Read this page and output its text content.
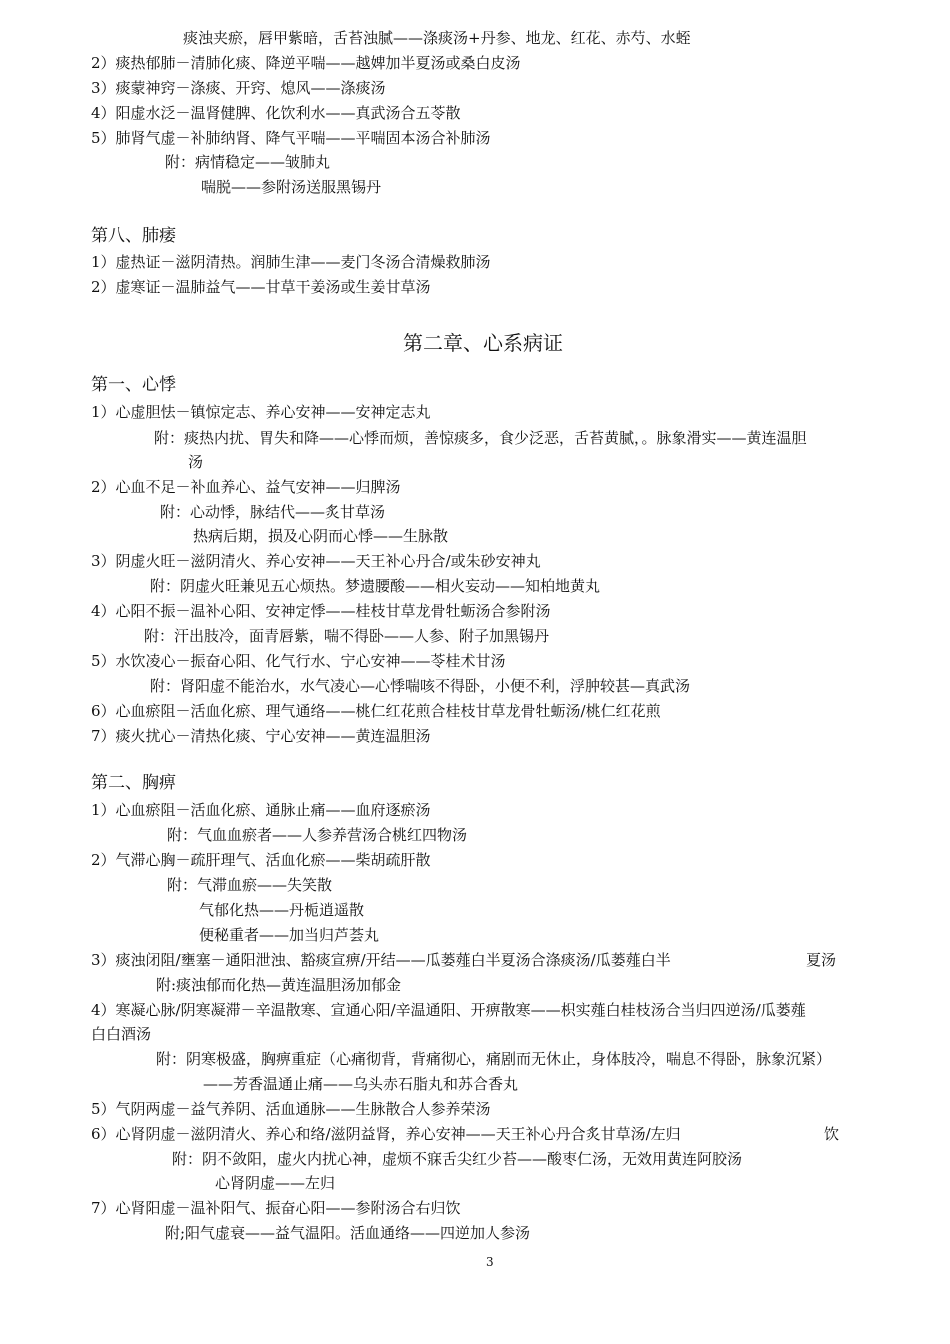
痰浊夹瘀，唇甲紫暗，舌苔浊腻——涤痰汤+丹参、地龙、红花、赤芍、水蛭
2）痰热郁肺－清肺化痰、降逆平喘——越婢加半夏汤或桑白皮汤
3）痰蒙神窍－涤痰、开窍、熄风——涤痰汤
4）阳虚水泛－温肾健脾、化饮利水——真武汤合五苓散
5）肺肾气虚－补肺纳肾、降气平喘——平喘固本汤合补肺汤
附：病情稳定——皱肺丸
喘脱——参附汤送服黑锡丹
第八、肺痿
1）虚热证－滋阴清热。润肺生津——麦门冬汤合清燥救肺汤
2）虚寒证－温肺益气——甘草干姜汤或生姜甘草汤
第二章、心系病证
第一、心悸
1）心虚胆怯－镇惊定志、养心安神——安神定志丸
附：痰热内扰、胃失和降——心悸而烦，善惊痰多，食少泛恶，舌苔黄腻，。脉象滑实——黄连温胆
汤
2）心血不足－补血养心、益气安神——归脾汤
附：心动悸，脉结代——炙甘草汤
热病后期，损及心阴而心悸——生脉散
3）阴虚火旺－滋阴清火、养心安神——天王补心丹合/或朱砂安神丸
附：阴虚火旺兼见五心烦热。梦遗腰酸——相火妄动——知柏地黄丸
4）心阳不振－温补心阳、安神定悸——桂枝甘草龙骨牡蛎汤合参附汤
附：汗出肢冷，面青唇紫，喘不得卧——人参、附子加黑锡丹
5）水饮凌心－振奋心阳、化气行水、宁心安神——苓桂术甘汤
附：肾阳虚不能治水，水气凌心—心悸喘咳不得卧，小便不利，浮肿较甚—真武汤
6）心血瘀阻－活血化瘀、理气通络——桃仁红花煎合桂枝甘草龙骨牡蛎汤/桃仁红花煎
7）痰火扰心－清热化痰、宁心安神——黄连温胆汤
第二、胸痹
1）心血瘀阻－活血化瘀、通脉止痛——血府逐瘀汤
附：气血血瘀者——人参养营汤合桃红四物汤
2）气滞心胸－疏肝理气、活血化瘀——柴胡疏肝散
附：气滞血瘀——失笑散
气郁化热——丹栀逍遥散
便秘重者——加当归芦荟丸
3）痰浊闭阻/壅塞－通阳泄浊、豁痰宣痹/开结——瓜蒌薤白半夏汤合涤痰汤/瓜蒌薤白半	夏汤
附:痰浊郁而化热—黄连温胆汤加郁金
4）寒凝心脉/阴寒凝滞－辛温散寒、宣通心阳/辛温通阳、开痹散寒——枳实薤白桂枝汤合当归四逆汤/瓜蒌薤
白白酒汤
附：阴寒极盛，胸痹重症（心痛彻背，背痛彻心，痛剧而无休止，身体肢冷，喘息不得卧，脉象沉紧）
——芳香温通止痛——乌头赤石脂丸和苏合香丸
5）气阴两虚－益气养阴、活血通脉——生脉散合人参养荣汤
6）心肾阴虚－滋阴清火、养心和络/滋阴益肾，养心安神——天王补心丹合炙甘草汤/左归	饮
附：阴不敛阳，虚火内扰心神，虚烦不寐舌尖红少苔——酸枣仁汤，无效用黄连阿胶汤
心肾阴虚——左归
7）心肾阳虚－温补阳气、振奋心阳——参附汤合右归饮
附;阳气虚衰——益气温阳。活血通络——四逆加人参汤
3
